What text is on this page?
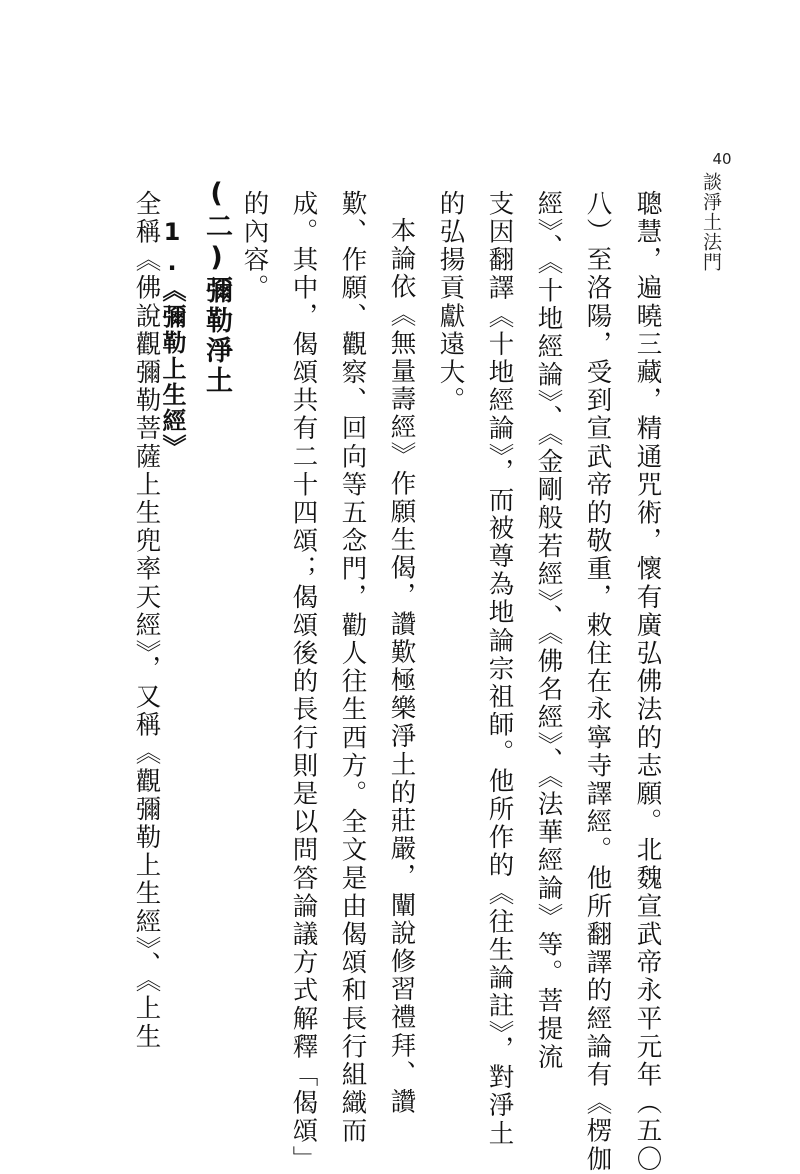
40
談淨土法門
聰慧，遍曉三藏，精通咒術，懷有廣弘佛法的志願。北魏宣武帝永平元年（五〇
八）至洛陽，受到宣武帝的敬重，敕住在永寧寺譯經。他所翻譯的經論有《楞伽
經》、《十地經論》、《金剛般若經》、《佛名經》、《法華經論》等。菩提流
支因翻譯《十地經論》，而被尊為地論宗祖師。他所作的《往生論註》，對淨土
的弘揚貢獻遠大。
本論依《無量壽經》作願生偈，讚歎極樂淨土的莊嚴，闡說修習禮拜、讚
歎、作願、觀察、回向等五念門，勸人往生西方。全文是由偈頌和長行組織而
成。其中，偈頌共有二十四頌；偈頌後的長行則是以問答論議方式解釋「偈頌」
的內容。
(二)彌勒淨土
1.《彌勒上生經》
全稱《佛說觀彌勒菩薩上生兜率天經》，又稱《觀彌勒上生經》、《上生
